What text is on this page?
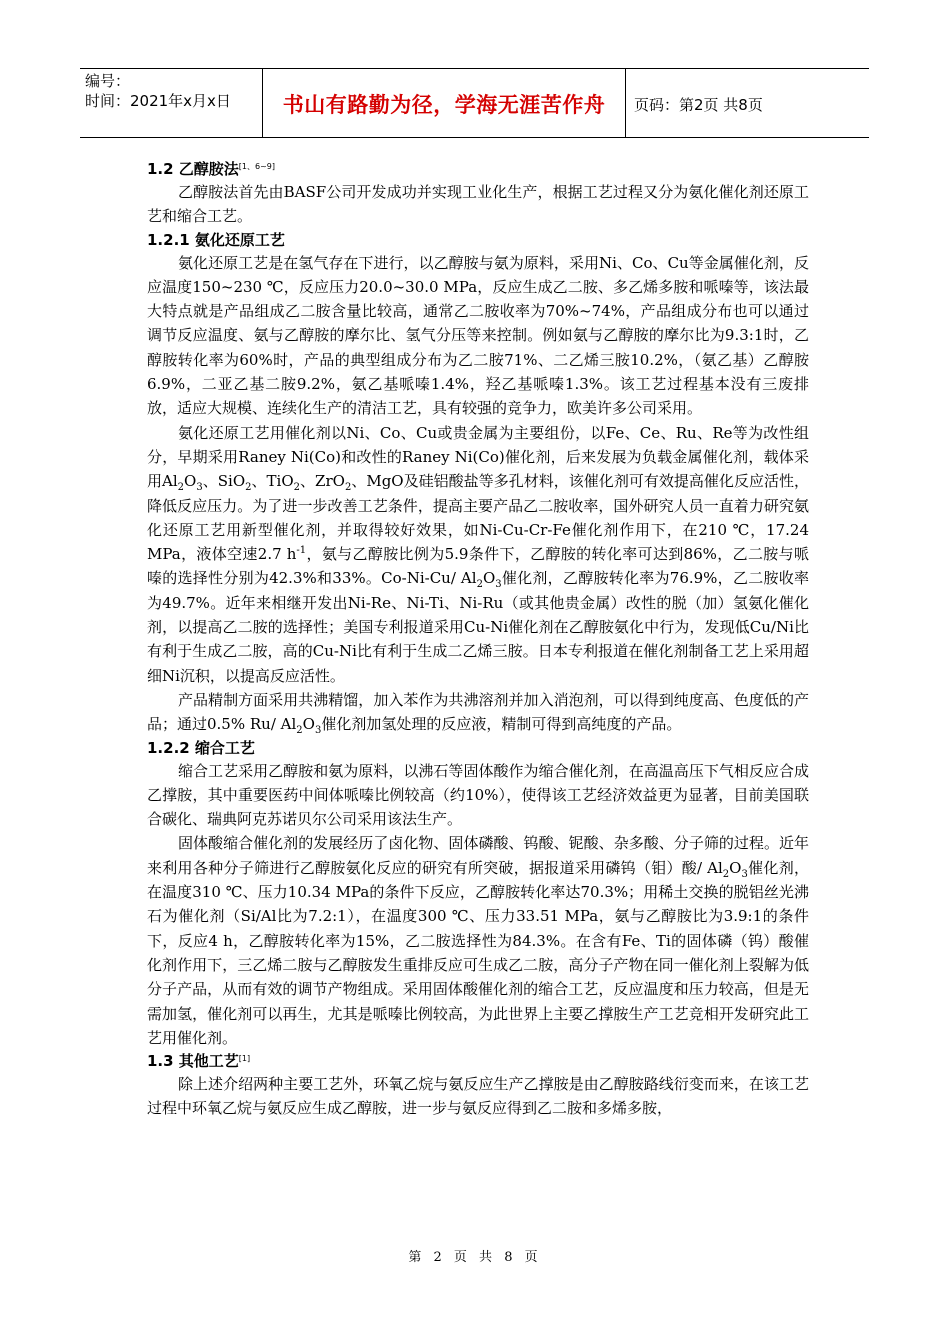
编号：
时间：2021年x月x日	书山有路勤为径，学海无涯苦作舟	页码：第2页 共8页
1.2 乙醇胺法[1、6~9]

乙醇胺法首先由BASF公司开发成功并实现工业化生产，根据工艺过程又分为氨化催化剂还原工艺和缩合工艺。

1.2.1 氨化还原工艺

氨化还原工艺是在氢气存在下进行，以乙醇胺与氨为原料，采用Ni、Co、Cu等金属催化剂，反应温度150~230 ℃，反应压力20.0~30.0 MPa，反应生成乙二胺、多乙烯多胺和哌嗪等，该法最大特点就是产品组成乙二胺含量比较高，通常乙二胺收率为70%~74%，产品组成分布也可以通过调节反应温度、氨与乙醇胺的摩尔比、氢气分压等来控制。例如氨与乙醇胺的摩尔比为9.3:1时，乙醇胺转化率为60%时，产品的典型组成分布为乙二胺71%、二乙烯三胺10.2%，（氨乙基）乙醇胺6.9%，二亚乙基二胺9.2%，氨乙基哌嗪1.4%，羟乙基哌嗪1.3%。该工艺过程基本没有三废排放，适应大规模、连续化生产的清洁工艺，具有较强的竞争力，欧美许多公司采用。

氨化还原工艺用催化剂以Ni、Co、Cu或贵金属为主要组份，以Fe、Ce、Ru、Re等为改性组分，早期采用Raney Ni(Co)和改性的Raney Ni(Co)催化剂，后来发展为负载金属催化剂，载体采用$Al_2O_3$、SiO$_2$、TiO$_2$、ZrO$_2$、MgO及硅铝酸盐等多孔材料，该催化剂可有效提高催化反应活性，降低反应压力。为了进一步改善工艺条件，提高主要产品乙二胺收率，国外研究人员一直着力研究氨化还原工艺用新型催化剂，并取得较好效果，如Ni-Cu-Cr-Fe催化剂作用下，在210 ℃，17.24 MPa，液体空速2.7 $h^{-1}$，氨与乙醇胺比例为5.9条件下，乙醇胺的转化率可达到86%，乙二胺与哌嗪的选择性分别为42.3%和33%。Co-Ni-Cu/ $Al_2O_3$催化剂，乙醇胺转化率为76.9%，乙二胺收率为49.7%。近年来相继开发出Ni-Re、Ni-Ti、Ni-Ru（或其他贵金属）改性的脱（加）氢氨化催化剂，以提高乙二胺的选择性；美国专利报道采用Cu-Ni催化剂在乙醇胺氨化中行为，发现低Cu/Ni比有利于生成乙二胺，高的Cu-Ni比有利于生成二乙烯三胺。日本专利报道在催化剂制备工艺上采用超细Ni沉积，以提高反应活性。

产品精制方面采用共沸精馏，加入苯作为共沸溶剂并加入消泡剂，可以得到纯度高、色度低的产品；通过0.5% Ru/ $Al_2O_3$催化剂加氢处理的反应液，精制可得到高纯度的产品。

1.2.2 缩合工艺

缩合工艺采用乙醇胺和氨为原料，以沸石等固体酸作为缩合催化剂，在高温高压下气相反应合成乙撑胺，其中重要医药中间体哌嗪比例较高（约10%），使得该工艺经济效益更为显著，目前美国联合碳化、瑞典阿克苏诺贝尔公司采用该法生产。

固体酸缩合催化剂的发展经历了卤化物、固体磷酸、钨酸、铌酸、杂多酸、分子筛的过程。近年来利用各种分子筛进行乙醇胺氨化反应的研究有所突破，据报道采用磷钨（钼）酸/ $Al_2O_3$催化剂，在温度310 ℃、压力10.34 MPa的条件下反应，乙醇胺转化率达70.3%；用稀土交换的脱铝丝光沸石为催化剂（Si/Al比为7.2:1），在温度300 ℃、压力33.51 MPa，氨与乙醇胺比为3.9:1的条件下，反应4 h，乙醇胺转化率为15%，乙二胺选择性为84.3%。在含有Fe、Ti的固体磷（钨）酸催化剂作用下，三乙烯二胺与乙醇胺发生重排反应可生成乙二胺，高分子产物在同一催化剂上裂解为低分子产品，从而有效的调节产物组成。采用固体酸催化剂的缩合工艺，反应温度和压力较高，但是无需加氢，催化剂可以再生，尤其是哌嗪比例较高，为此世界上主要乙撑胺生产工艺竞相开发研究此工艺用催化剂。

1.3 其他工艺[1]

除上述介绍两种主要工艺外，环氧乙烷与氨反应生产乙撑胺是由乙醇胺路线衍变而来，在该工艺过程中环氧乙烷与氨反应生成乙醇胺，进一步与氨反应得到乙二胺和多烯多胺，

第 2 页 共 8 页
